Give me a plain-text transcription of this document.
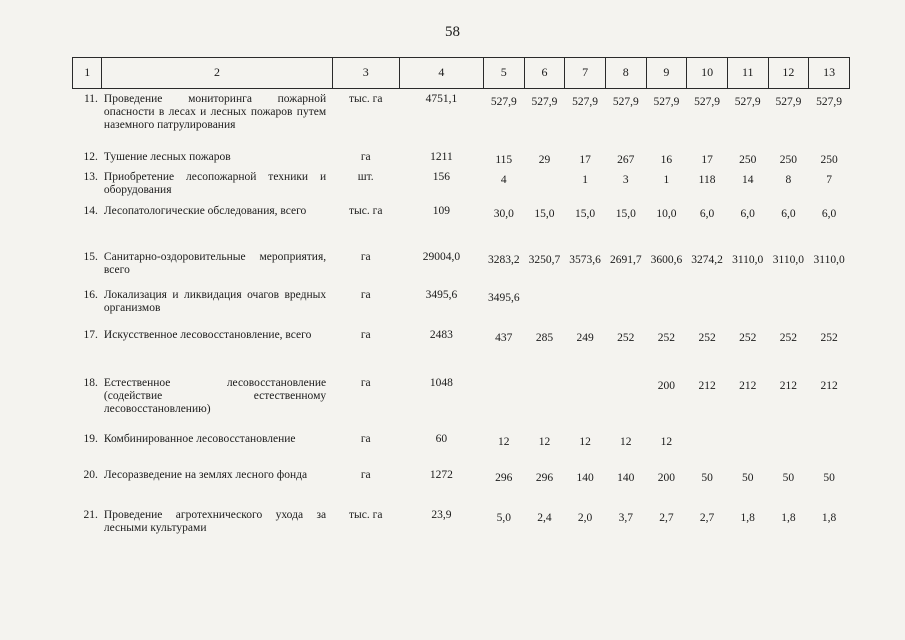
58
1	2	3	4	5	6	7	8	9	10	11	12	13
11.	Проведение мониторинга пожарной опасности в лесах и лесных пожаров путем наземного патрулирования	тыс. га	4751,1	527,9	527,9	527,9	527,9	527,9	527,9	527,9	527,9	527,9
12.	Тушение лесных пожаров	га	1211	115	29	17	267	16	17	250	250	250
13.	Приобретение лесопожарной техники и оборудования	шт.	156	4		1	3	1	118	14	8	7
14.	Лесопатологические обследования, всего	тыс. га	109	30,0	15,0	15,0	15,0	10,0	6,0	6,0	6,0	6,0
15.	Санитарно-оздоровительные мероприятия, всего	га	29004,0	3283,2	3250,7	3573,6	2691,7	3600,6	3274,2	3110,0	3110,0	3110,0
16.	Локализация и ликвидация очагов вредных организмов	га	3495,6	3495,6								
17.	Искусственное лесовосстановление, всего	га	2483	437	285	249	252	252	252	252	252	252
18.	Естественное лесовосстановление (содействие естественному лесовосстановлению)	га	1048					200	212	212	212	212
19.	Комбинированное лесовосстановление	га	60	12	12	12	12	12				
20.	Лесоразведение на землях лесного фонда	га	1272	296	296	140	140	200	50	50	50	50
21.	Проведение агротехнического ухода за лесными культурами	тыс. га	23,9	5,0	2,4	2,0	3,7	2,7	2,7	1,8	1,8	1,8
